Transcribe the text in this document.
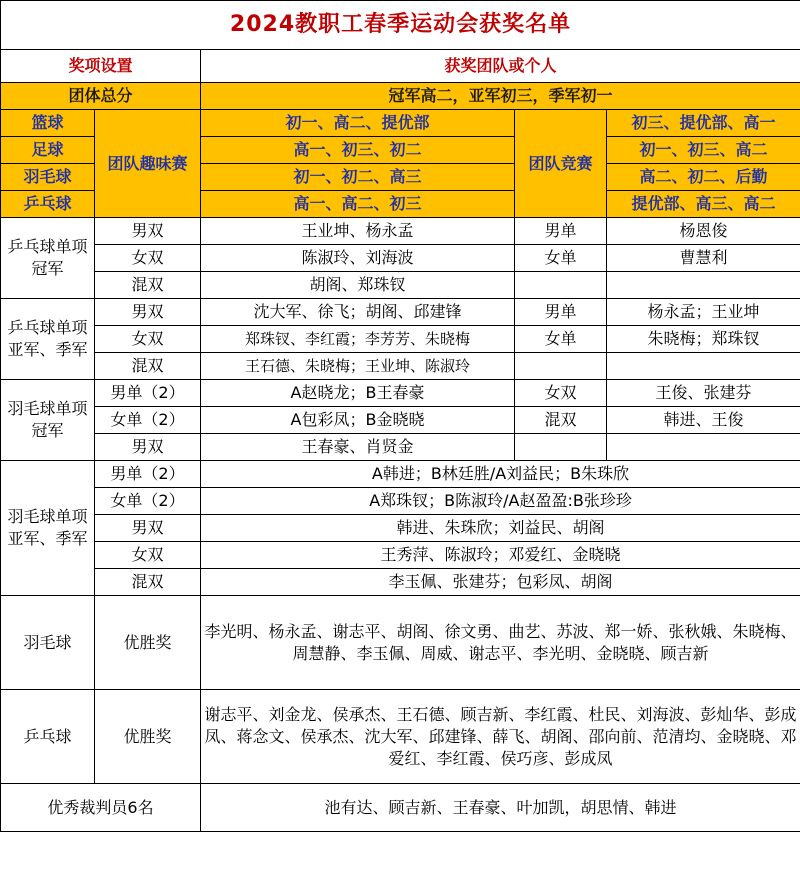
2024教职工春季运动会获奖名单				
奖项设置		获奖团队或个人		
团体总分		冠军高二，亚军初三，季军初一		
篮球	团队趣味赛	初一、高二、提优部	团队竞赛	初三、提优部、高一
足球		高一、初三、初二		初一、初三、高二
羽毛球		初一、初二、高三		高二、初二、后勤
乒乓球		高一、高二、初三		提优部、高三、高二
乒乓球单项冠军	男双	王业坤、杨永孟	男单	杨恩俊
	女双	陈淑玲、刘海波	女单	曹慧利
	混双	胡阁、郑珠钗		
乒乓球单项亚军、季军	男双	沈大军、徐飞；胡阁、邱建锋	男单	杨永孟；王业坤
	女双	郑珠钗、李红霞；李芳芳、朱晓梅	女单	朱晓梅；郑珠钗
	混双	王石德、朱晓梅；王业坤、陈淑玲		
羽毛球单项冠军	男单（2）	A赵晓龙；B王春豪	女双	王俊、张建芬
	女单（2）	A包彩凤；B金晓晓	混双	韩进、王俊
	男双	王春豪、肖贤金		
羽毛球单项亚军、季军	男单（2）	A韩进；B林廷胜/A刘益民；B朱珠欣		
	女单（2）	A郑珠钗；B陈淑玲/A赵盈盈:B张珍珍		
	男双	韩进、朱珠欣；刘益民、胡阁		
	女双	王秀萍、陈淑玲；邓爱红、金晓晓		
	混双	李玉佩、张建芬；包彩凤、胡阁		
羽毛球	优胜奖	李光明、杨永孟、谢志平、胡阁、徐文勇、曲艺、苏波、郑一娇、张秋娥、朱晓梅、周慧静、李玉佩、周威、谢志平、李光明、金晓晓、顾吉新		
乒乓球	优胜奖	谢志平、刘金龙、侯承杰、王石德、顾吉新、李红霞、杜民、刘海波、彭灿华、彭成凤、蒋念文、侯承杰、沈大军、邱建锋、薛飞、胡阁、邵向前、范清均、金晓晓、邓爱红、李红霞、侯巧彦、彭成凤		
优秀裁判员6名		池有达、顾吉新、王春豪、叶加凯，胡思情、韩进		
